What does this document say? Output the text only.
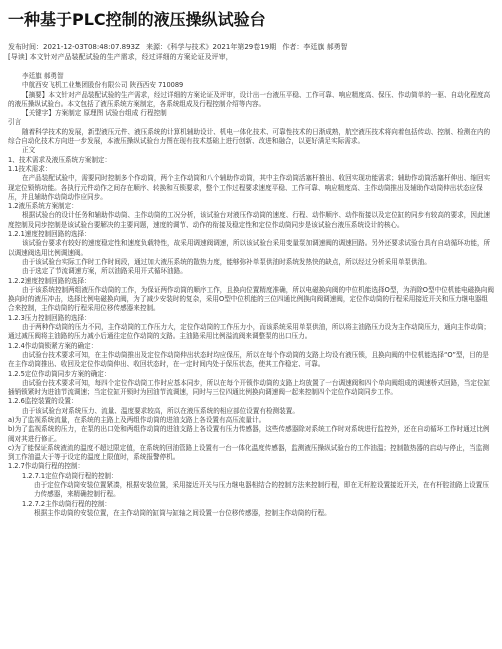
一种基于PLC控制的液压操纵试验台
发布时间：2021-12-03T08:48:07.893Z 来源：《科学与技术》2021年第29卷19期 作者：李廷旗 郝勇智
[导读] 本文针对产品装配试验的生产需求，经过详细的方案论证及评审，
李廷旗 郝勇智
中航西安飞机工业集团股份有限公司 陕西西安 710089
【摘要】本文针对产品装配试验的生产需求，经过详细的方案论证及评审，设计出一台液压平稳、工作可靠、响应精度高、保压、作动简单的一驱、自动化程度高的液压操纵试验台。本文包括了液压系统方案制定，各系统组成及行程控制介绍等内容。
【关键字】方案制定 原理图 试验台组成 行程控制
引言
随着科学技术的发展，新型液压元件、液压系统的计算机辅助设计、机电一体化技术、可靠性技术的日渐成熟，航空液压技术将向着包括传动、控制、检测在内的综合自动化技术方向进一步发展，本液压操纵试验台力图在现有技术基础上进行创新、改进和融合，以更好满足实际需求。
正文
1、技术需求及液压系统方案制定：
1.1技术需求：
在产品装配试验中，需要同时控制多个作动筒，两个主作动筒和八个辅助作动筒，其中主作动筒活塞杆推出、收回实现功能需求；辅助作动筒活塞杆伸出、缩回实现定位锁销功能。各执行元件动作之间存在顺序、转换和互锁要求，整个工作过程要求速度平稳、工作可靠、响应精度高、主作动筒推出及辅助作动筒伸出状态应保压，并且辅助作动筒动作应同步。
1.2液压系统方案制定：
根据试验台的设计任务和辅助作动筒、主作动筒的工况分析，该试验台对液压作动筒的速度、行程、动作顺序、动作衔接以及定位缸的同步有较高的要求，因此速度控制及同步控制是该试验台要解决的主要问题，速度的调节、动作的衔接及稳定性和定位作动筒同步是该试验台液压系统设计的核心。
1.2.1速度控制回路的选择：
该试验台要求有较好的速度稳定性和速度负载特性，故采用调速阀调速，所以该试验台采用变量泵加调速阀的调速回路。另外还要求试验台具有自动循环功能，所以调速阀选用比例调速阀。
由于该试验台实际工作时工作时间段，通过加大液压系统的散热力度，能够弥补单泵供油时系统发热快的缺点，所以经过分析采用单泵供油。
由于选定了节流调速方案，所以油路采用开式循环油路。
1.2.2速度控制回路的选择：
由于该系统控制两组液压作动筒的工作，为保证两作动筒的顺序工作，且换向位置精度准确，所以电磁换向阀的中位机能选择O型，为消除O型中位机能电磁换向阀换向时的液压冲击，选择比例电磁换向阀，为了减少安装时的复杂，采用O型中位机能的三位四通比例换向阀调速阀，定位作动筒的行程采用接近开关和压力继电器组合来控制，主作动筒的行程采用位移传感器来控制。
1.2.3压力控制回路的选择：
由于两种作动筒的压力不同，主作动筒的工作压力大，定位作动筒的工作压力小，而该系统采用单泵供油，所以将主油路压力设为主作动筒压力，通向主作动筒；通过减压阀将主油路的压力减小后通往定位作动筒的支路。主油路采用比例溢流阀来调整泵的出口压力。
1.2.4作动筒锁紧方案的确定：
由试验台技术要求可知，在主作动筒推出及定位作动筒伸出状态时均应保压，所以在每个作动筒的支路上均设有液压锁，且换向阀的中位机能选择“O”型，目的是在主作动筒推出、收回及定位作动筒伸出、收回状态时，在一定时间内处于保压状态，使其工作稳定、可靠。
1.2.5定位作动筒同步方案的确定：
由试验台技术要求可知，每四个定位作动筒工作时应基本同步，所以在每个开锁作动筒的支路上均放置了一台调速阀和四个单向阀组成的调速桥式回路，当定位缸插销锁紧时为进油节流调速；当定位缸开锁时为回油节流调速，同时与三位四通比例换向调速阀一起来控制四个定位作动筒同步工作。
1.2.6监控装置的设置：
由于该试验台对系统压力、流量、温度要求较高，所以在液压系统的相应部位设置有检测装置。
a)为了监视系统流量，在系统的主路上及两组作动筒的进油支路上各设置有高压流量计。
b)为了监视系统的压力，在泵的出口处和两组作动筒的进油支路上各设置有压力传感器，这些传感器除对系统工作时对系统进行监控外，还在自动循环工作时通过比例阀对其进行修正。
c)为了能保证系统液流的温度不超过限定值，在系统的回油管路上设置有一台一体化温度传感器，监测液压操纵试验台的工作油温；控制散热器的启动与停止，当监测到工作油温大于等于设定的温度上限值时，系统报警停机。
1.2.7作动筒行程的控制：
1.2.7.1定位作动筒行程的控制：
由于定位作动筒安装位置紧凑，根据安装位置，采用接近开关与压力继电器相结合的控制方法来控制行程，即在无杆腔设置接近开关，在有杆腔油路上设置压力传感器，来精确控制行程。
1.2.7.2主作动筒行程的控制：
根据主作动筒的安装位置，在主作动筒的缸筒与缸轴之间设置一台位移传感器，控制主作动筒的行程。
